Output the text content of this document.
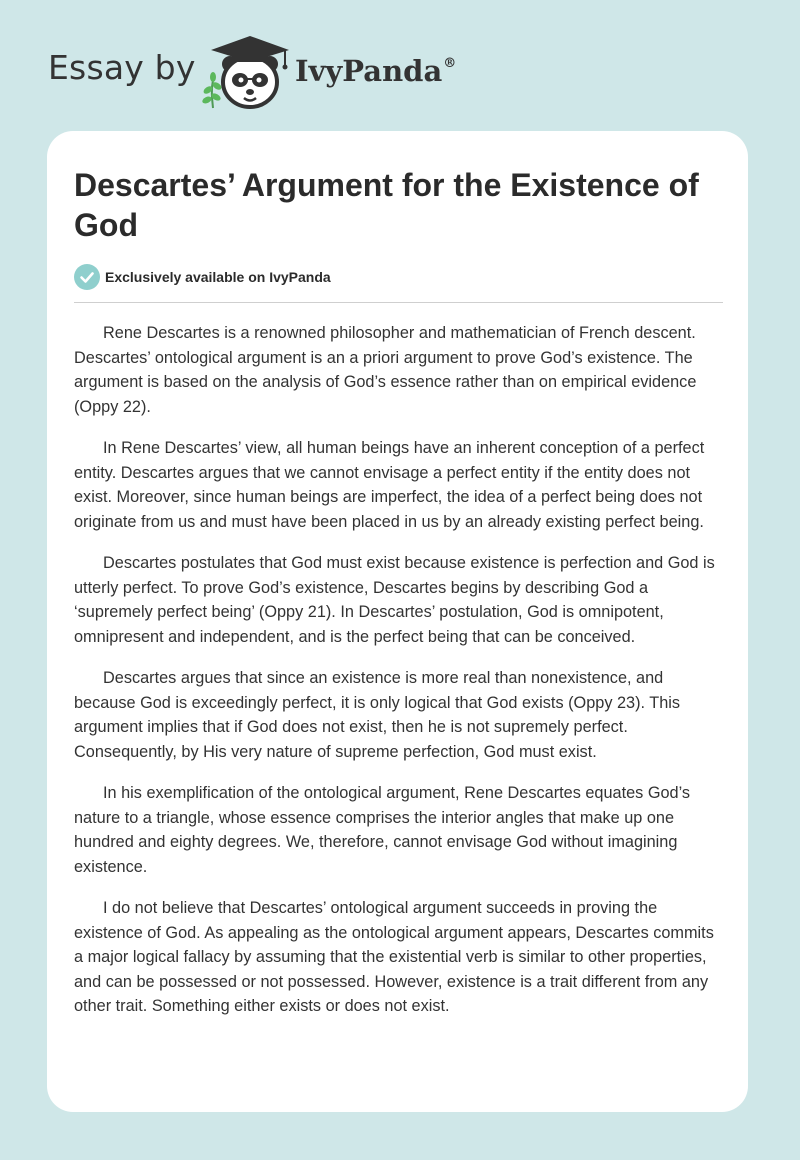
Essay by	IvyPanda®
Descartes’ Argument for the Existence of God
Exclusively available on IvyPanda

Rene Descartes is a renowned philosopher and mathematician of French descent. Descartes’ ontological argument is an a priori argument to prove God’s existence. The argument is based on the analysis of God’s essence rather than on empirical evidence (Oppy 22).

In Rene Descartes’ view, all human beings have an inherent conception of a perfect entity. Descartes argues that we cannot envisage a perfect entity if the entity does not exist. Moreover, since human beings are imperfect, the idea of a perfect being does not originate from us and must have been placed in us by an already existing perfect being.

Descartes postulates that God must exist because existence is perfection and God is utterly perfect. To prove God’s existence, Descartes begins by describing God a ‘supremely perfect being’ (Oppy 21). In Descartes’ postulation, God is omnipotent, omnipresent and independent, and is the perfect being that can be conceived.

Descartes argues that since an existence is more real than nonexistence, and because God is exceedingly perfect, it is only logical that God exists (Oppy 23). This argument implies that if God does not exist, then he is not supremely perfect. Consequently, by His very nature of supreme perfection, God must exist.

In his exemplification of the ontological argument, Rene Descartes equates God’s nature to a triangle, whose essence comprises the interior angles that make up one hundred and eighty degrees. We, therefore, cannot envisage God without imagining existence.

I do not believe that Descartes’ ontological argument succeeds in proving the existence of God. As appealing as the ontological argument appears, Descartes commits a major logical fallacy by assuming that the existential verb is similar to other properties, and can be possessed or not possessed. However, existence is a trait different from any other trait. Something either exists or does not exist.
